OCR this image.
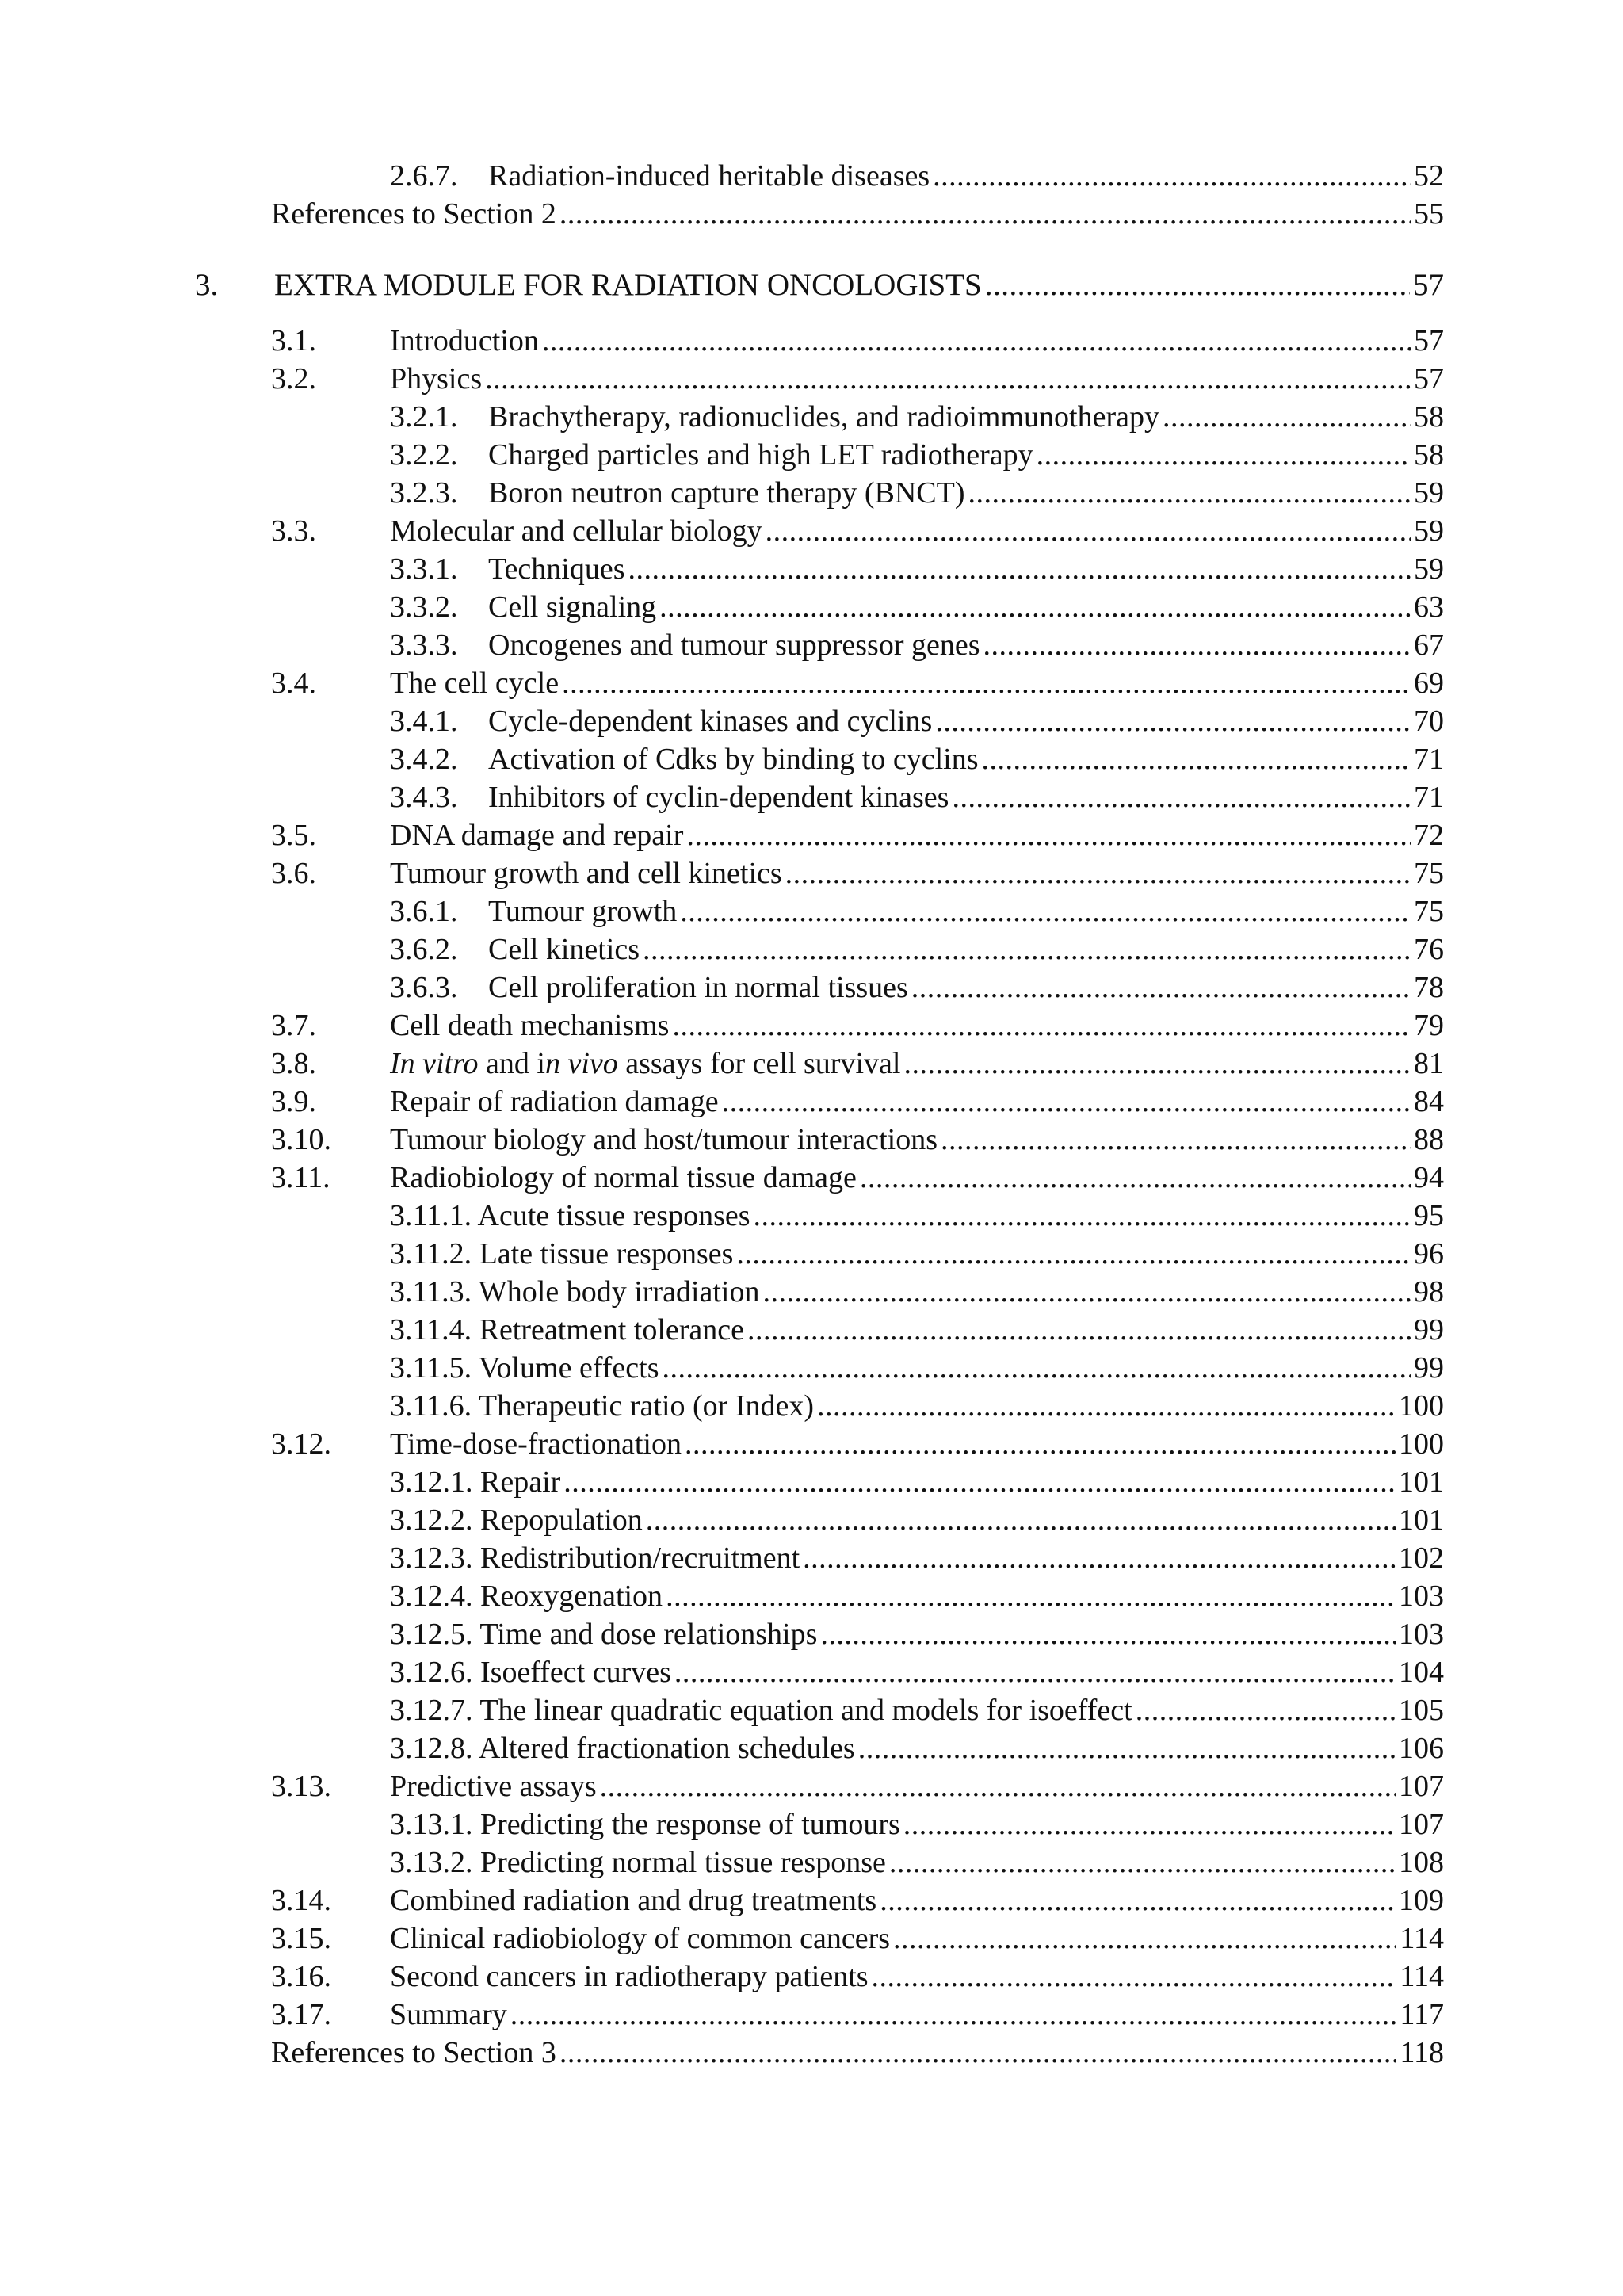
2.6.7. Radiation-induced heritable diseases .....	52
References to Section 2 .....	55
3. EXTRA MODULE FOR RADIATION ONCOLOGISTS .....	57
3.1. Introduction .....	57
3.2. Physics .....	57
3.2.1. Brachytherapy, radionuclides, and radioimmunotherapy .....	58
3.2.2. Charged particles and high LET radiotherapy .....	58
3.2.3. Boron neutron capture therapy (BNCT) .....	59
3.3. Molecular and cellular biology .....	59
3.3.1. Techniques .....	59
3.3.2. Cell signaling .....	63
3.3.3. Oncogenes and tumour suppressor genes .....	67
3.4. The cell cycle .....	69
3.4.1. Cycle-dependent kinases and cyclins .....	70
3.4.2. Activation of Cdks by binding to cyclins .....	71
3.4.3. Inhibitors of cyclin-dependent kinases .....	71
3.5. DNA damage and repair .....	72
3.6. Tumour growth and cell kinetics .....	75
3.6.1. Tumour growth .....	75
3.6.2. Cell kinetics .....	76
3.6.3. Cell proliferation in normal tissues .....	78
3.7. Cell death mechanisms .....	79
3.8. In vitro and in vivo assays for cell survival .....	81
3.9. Repair of radiation damage .....	84
3.10. Tumour biology and host/tumour interactions .....	88
3.11. Radiobiology of normal tissue damage .....	94
3.11.1. Acute tissue responses .....	95
3.11.2. Late tissue responses .....	96
3.11.3. Whole body irradiation .....	98
3.11.4. Retreatment tolerance .....	99
3.11.5. Volume effects .....	99
3.11.6. Therapeutic ratio (or Index) .....	100
3.12. Time-dose-fractionation .....	100
3.12.1. Repair .....	101
3.12.2. Repopulation .....	101
3.12.3. Redistribution/recruitment .....	102
3.12.4. Reoxygenation .....	103
3.12.5. Time and dose relationships .....	103
3.12.6. Isoeffect curves .....	104
3.12.7. The linear quadratic equation and models for isoeffect .....	105
3.12.8. Altered fractionation schedules .....	106
3.13. Predictive assays .....	107
3.13.1. Predicting the response of tumours .....	107
3.13.2. Predicting normal tissue response .....	108
3.14. Combined radiation and drug treatments .....	109
3.15. Clinical radiobiology of common cancers .....	114
3.16. Second cancers in radiotherapy patients .....	114
3.17. Summary .....	117
References to Section 3 .....	118
